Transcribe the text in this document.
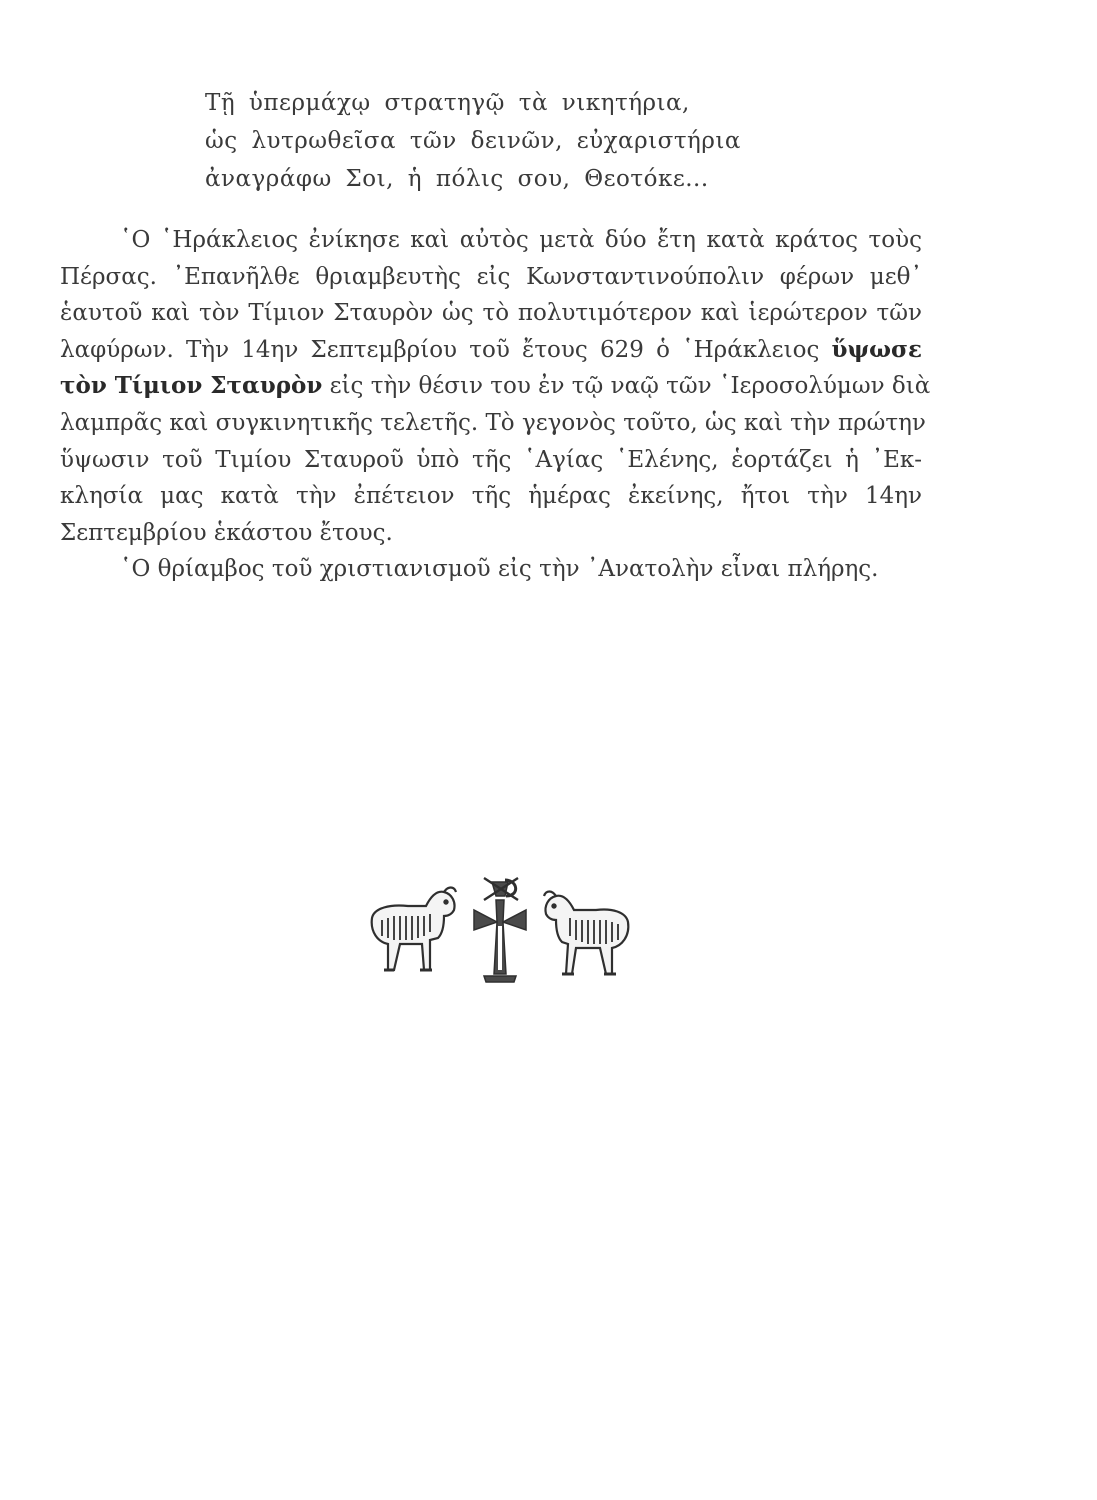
Τῇ ὑπερμάχῳ στρατηγῷ τὰ νικητήρια,
ὡς λυτρωθεῖσα τῶν δεινῶν, εὐχαριστήρια
ἀναγράφω Σοι, ἡ πόλις σου, Θεοτόκε...
῾Ο ῾Ηράκλειος ἐνίκησε καὶ αὐτὸς μετὰ δύο ἔτη κατὰ κράτος τοὺς
Πέρσας. ᾿Επανῆλθε θριαμβευτὴς εἰς Κωνσταντινούπολιν φέρων μεθ᾿
ἑαυτοῦ καὶ τὸν Τίμιον Σταυρὸν ὡς τὸ πολυτιμότερον καὶ ἱερώτερον τῶν
λαφύρων. Τὴν 14ην Σεπτεμβρίου τοῦ ἔτους 629 ὁ ῾Ηράκλειος ὕψωσε
τὸν Τίμιον Σταυρὸν εἰς τὴν θέσιν του ἐν τῷ ναῷ τῶν ῾Ιεροσολύμων διὰ
λαμπρᾶς καὶ συγκινητικῆς τελετῆς. Τὸ γεγονὸς τοῦτο, ὡς καὶ τὴν πρώτην
ὕψωσιν τοῦ Τιμίου Σταυροῦ ὑπὸ τῆς ῾Αγίας ῾Ελένης, ἑορτάζει ἡ ᾿Εκ-
κλησία μας κατὰ τὴν ἐπέτειον τῆς ἡμέρας ἐκείνης, ἤτοι τὴν 14ην
Σεπτεμβρίου ἑκάστου ἔτους.
῾Ο θρίαμβος τοῦ χριστιανισμοῦ εἰς τὴν ᾿Ανατολὴν εἶναι πλήρης.
